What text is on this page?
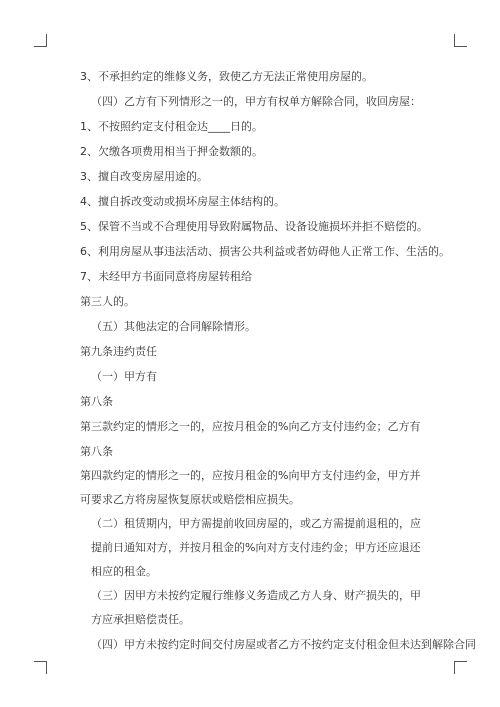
3、不承担约定的维修义务，致使乙方无法正常使用房屋的。

（四）乙方有下列情形之一的，甲方有权单方解除合同，收回房屋：

1、不按照约定支付租金达____日的。

2、欠缴各项费用相当于押金数额的。

3、擅自改变房屋用途的。

4、擅自拆改变动或损坏房屋主体结构的。

5、保管不当或不合理使用导致附属物品、设备设施损坏并拒不赔偿的。

6、利用房屋从事违法活动、损害公共利益或者妨碍他人正常工作、生活的。

7、未经甲方书面同意将房屋转租给

第三人的。

（五）其他法定的合同解除情形。

第九条违约责任

（一）甲方有

第八条

第三款约定的情形之一的，应按月租金的%向乙方支付违约金；乙方有

第八条

第四款约定的情形之一的，应按月租金的%向甲方支付违约金，甲方并可要求乙方将房屋恢复原状或赔偿相应损失。

（二）租赁期内，甲方需提前收回房屋的，或乙方需提前退租的，应提前日通知对方，并按月租金的%向对方支付违约金；甲方还应退还相应的租金。

（三）因甲方未按约定履行维修义务造成乙方人身、财产损失的，甲方应承担赔偿责任。

（四）甲方未按约定时间交付房屋或者乙方不按约定支付租金但未达到解除合同
